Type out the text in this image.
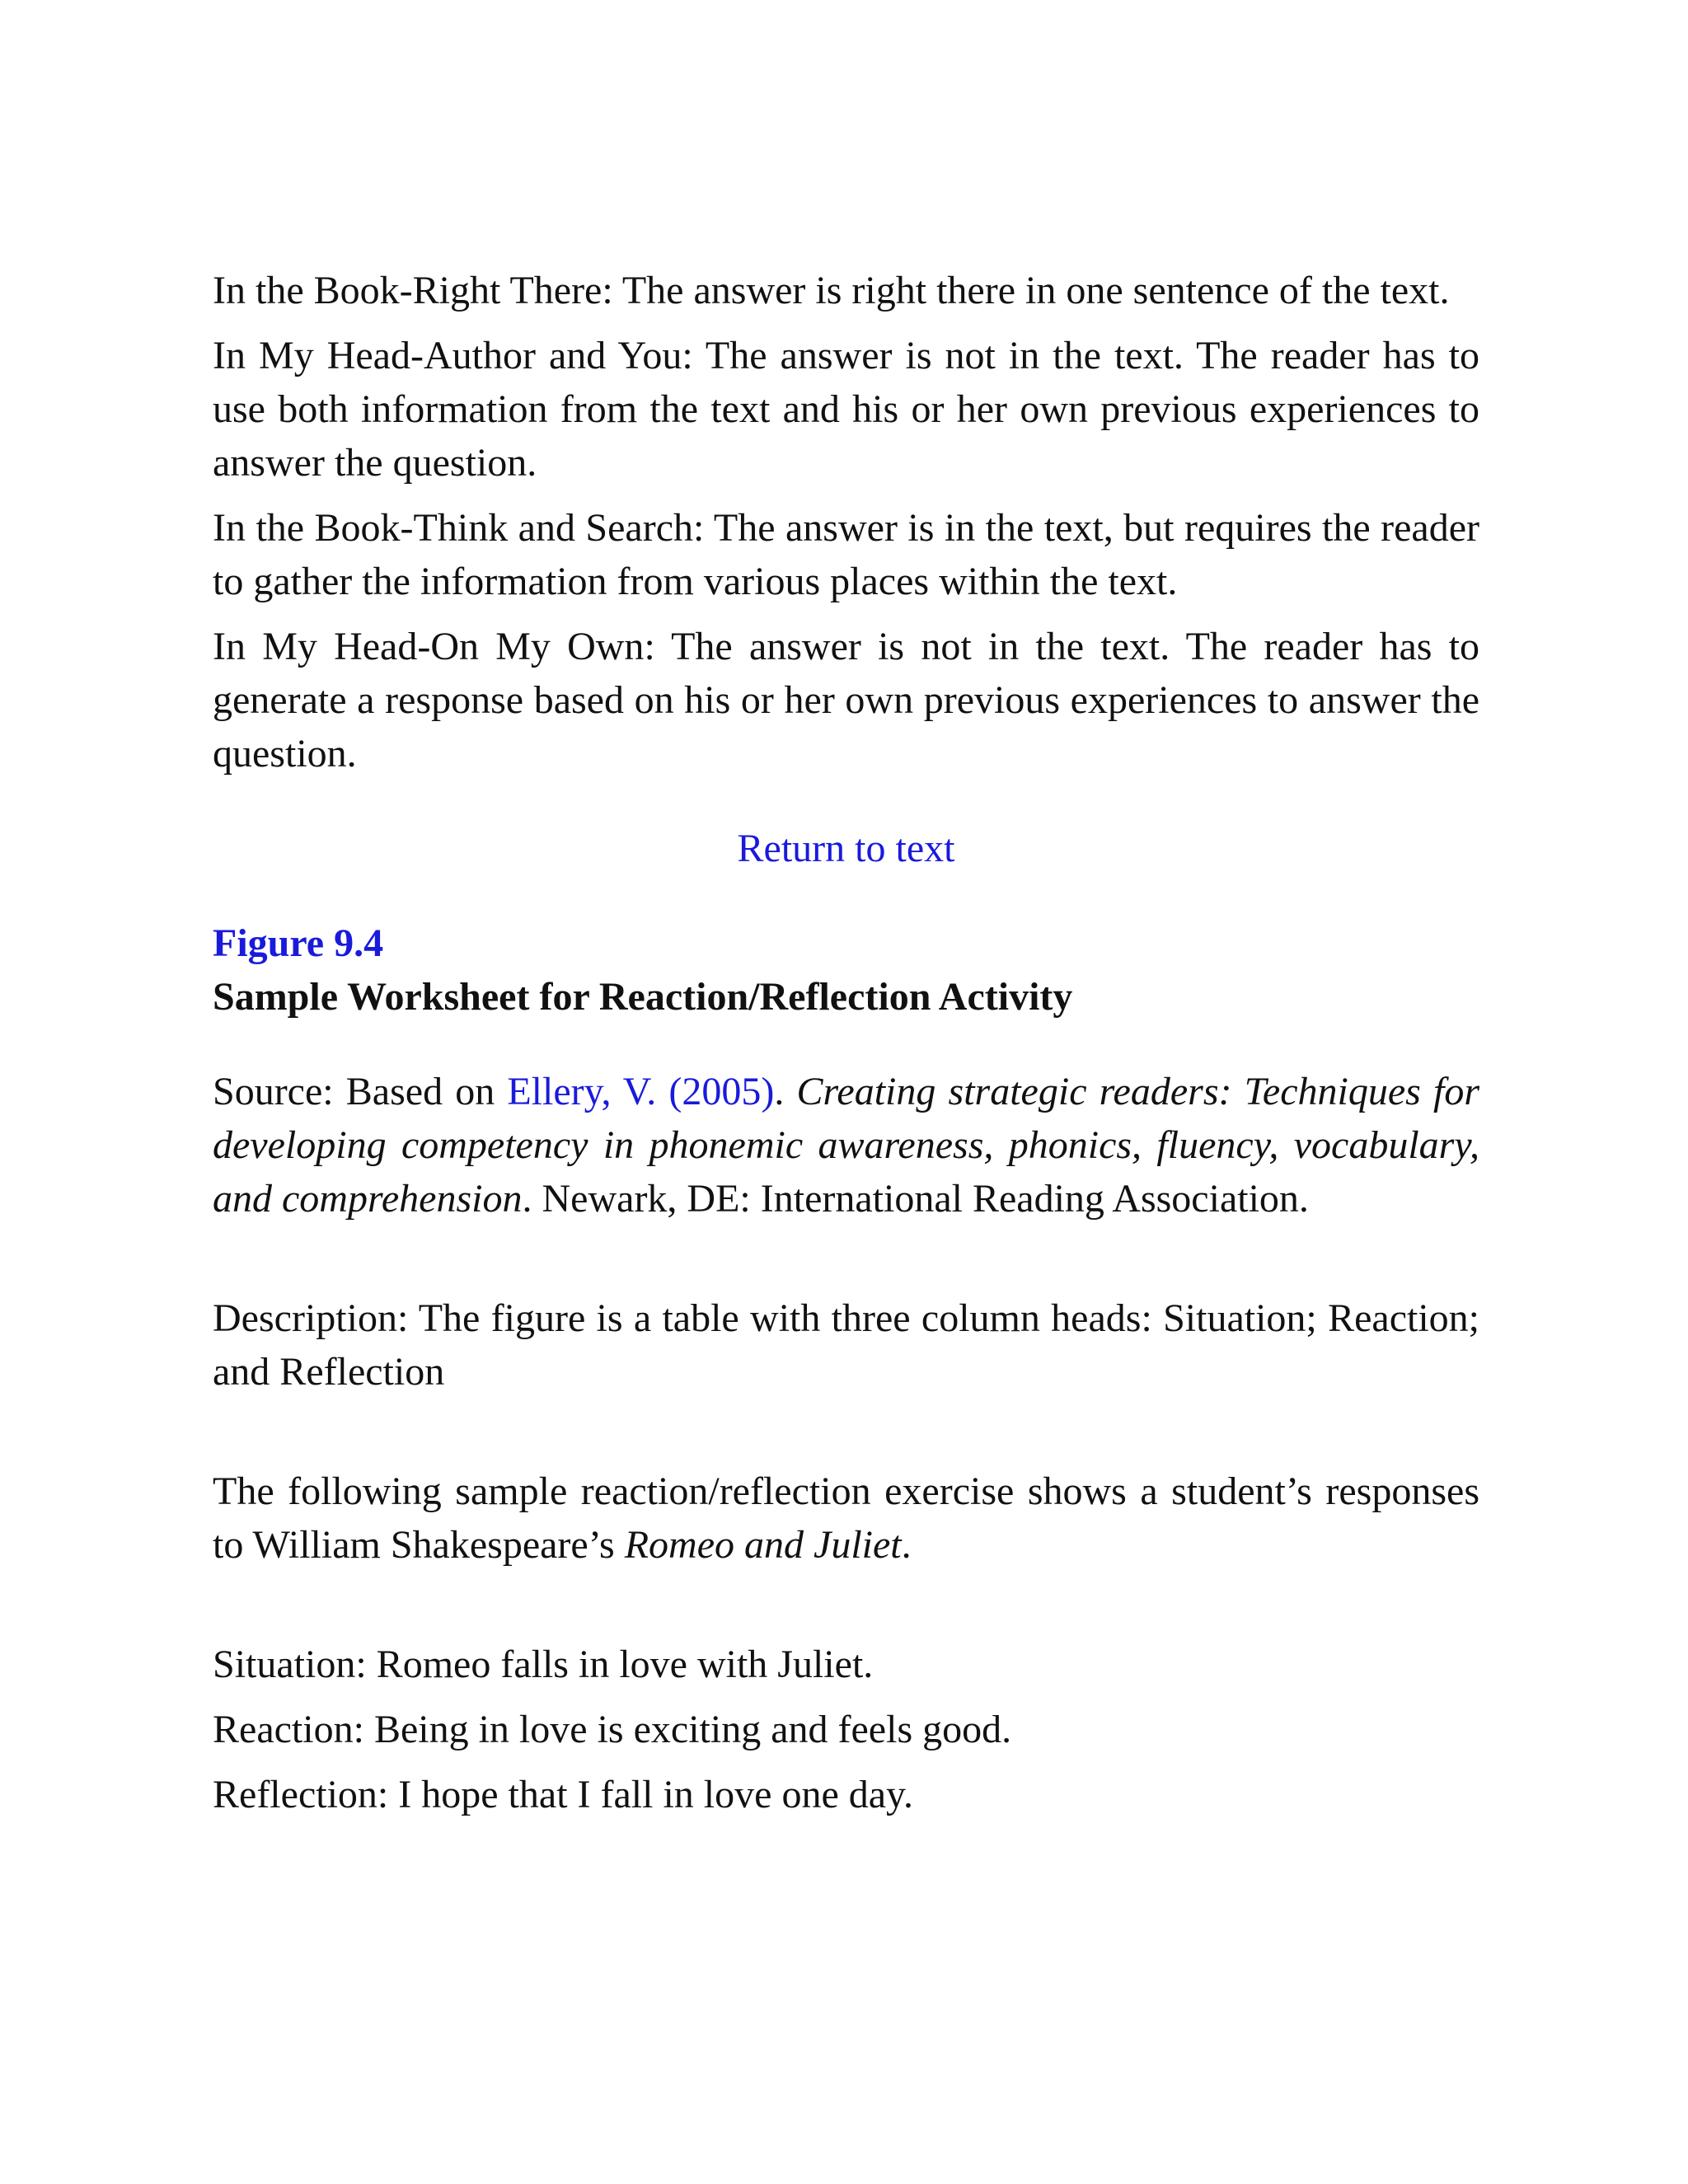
In the Book-Right There: The answer is right there in one sentence of the text.

In My Head-Author and You: The answer is not in the text. The reader has to use both information from the text and his or her own previous experiences to answer the question.

In the Book-Think and Search: The answer is in the text, but requires the reader to gather the information from various places within the text.

In My Head-On My Own: The answer is not in the text. The reader has to generate a response based on his or her own previous experiences to answer the question.

Return to text

Figure 9.4
Sample Worksheet for Reaction/Reflection Activity

Source: Based on Ellery, V. (2005). Creating strategic readers: Techniques for developing competency in phonemic awareness, phonics, fluency, vocabulary, and comprehension. Newark, DE: International Reading Association.

Description: The figure is a table with three column heads: Situation; Reaction; and Reflection

The following sample reaction/reflection exercise shows a student’s responses to William Shakespeare’s Romeo and Juliet.

Situation: Romeo falls in love with Juliet.

Reaction: Being in love is exciting and feels good.

Reflection: I hope that I fall in love one day.
